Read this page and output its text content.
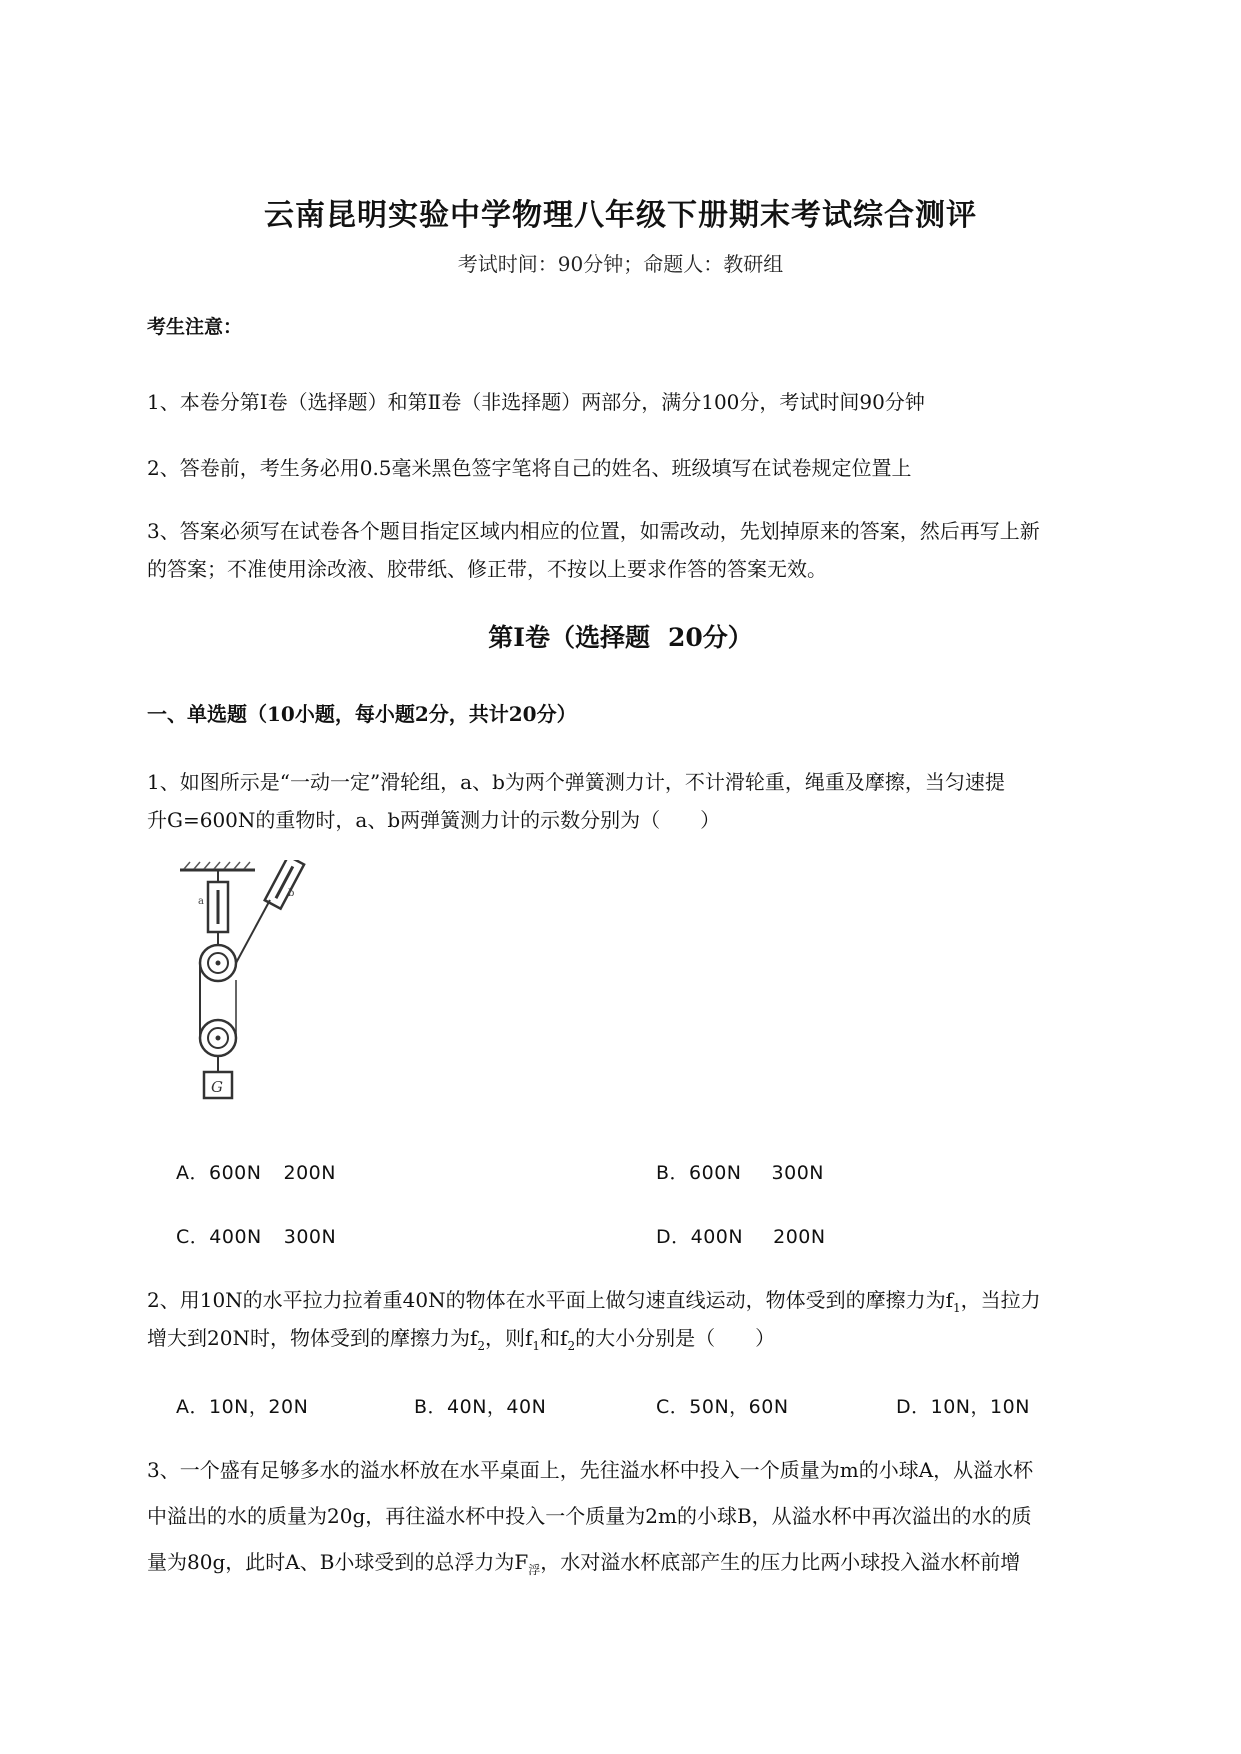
云南昆明实验中学物理八年级下册期末考试综合测评
考试时间：90分钟；命题人：教研组
考生注意：
1、本卷分第I卷（选择题）和第Ⅱ卷（非选择题）两部分，满分100分，考试时间90分钟
2、答卷前，考生务必用0.5毫米黑色签字笔将自己的姓名、班级填写在试卷规定位置上
3、答案必须写在试卷各个题目指定区域内相应的位置，如需改动，先划掉原来的答案，然后再写上新
的答案；不准使用涂改液、胶带纸、修正带，不按以上要求作答的答案无效。
第I卷（选择题 20分）
一、单选题（10小题，每小题2分，共计20分）
1、如图所示是“一动一定”滑轮组，a、b为两个弹簧测力计，不计滑轮重，绳重及摩擦，当匀速提
升G=600N的重物时，a、b两弹簧测力计的示数分别为（　　）
a
b
G
A．600N 200N	B．600N 300N
C．400N 300N	D．400N 200N
2、用10N的水平拉力拉着重40N的物体在水平面上做匀速直线运动，物体受到的摩擦力为$f_1$，当拉力
增大到20N时，物体受到的摩擦力为$f_2$，则$f_1$和$f_2$的大小分别是（　　）
A．10N，20N	B．40N，40N	C．50N，60N	D．10N，10N
3、一个盛有足够多水的溢水杯放在水平桌面上，先往溢水杯中投入一个质量为m的小球A，从溢水杯
中溢出的水的质量为20g，再往溢水杯中投入一个质量为2m的小球B，从溢水杯中再次溢出的水的质
量为80g，此时A、B小球受到的总浮力为$F_浮$，水对溢水杯底部产生的压力比两小球投入溢水杯前增
